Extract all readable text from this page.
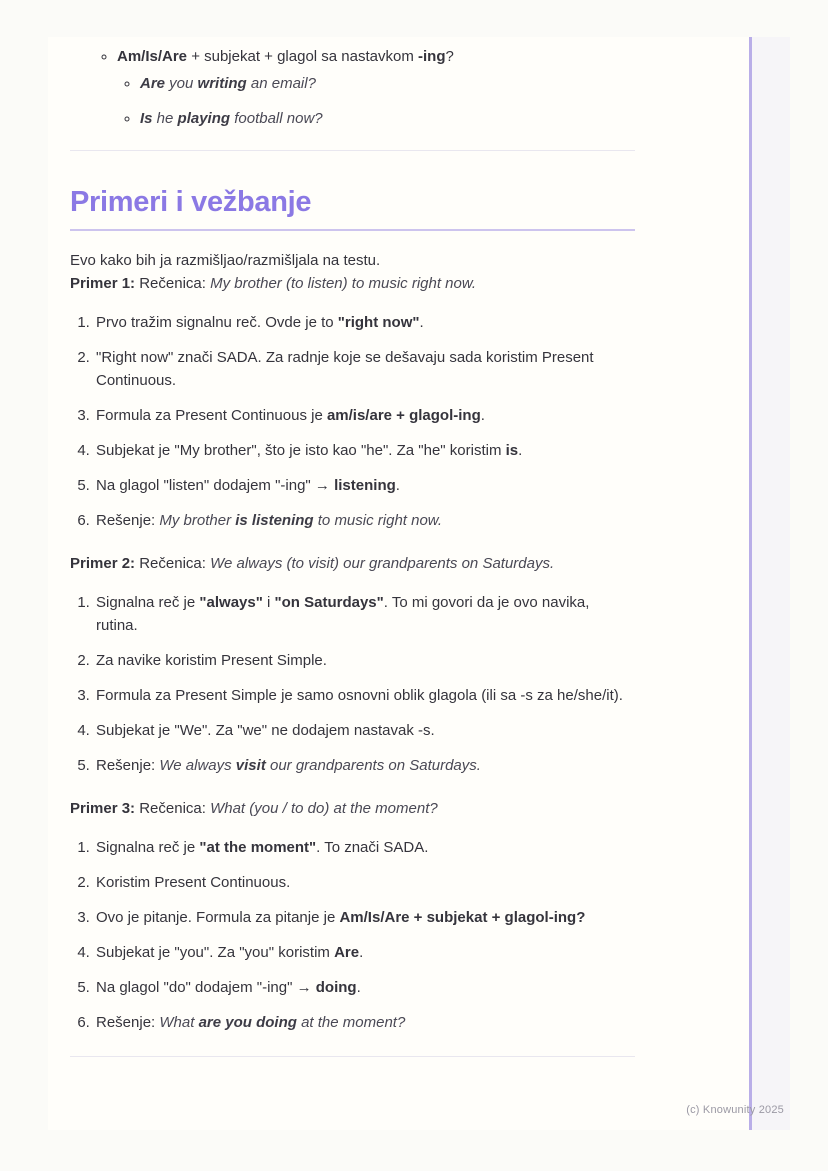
◦ Am/Is/Are + subjekat + glagol sa nastavkom -ing?
◦ Are you writing an email?
◦ Is he playing football now?
Primeri i vežbanje

Evo kako bih ja razmišljao/razmišljala na testu.

Primer 1: Rečenica: My brother (to listen) to music right now.

1. Prvo tražim signalnu reč. Ovde je to "right now".
2. "Right now" znači SADA. Za radnje koje se dešavaju sada koristim Present Continuous.
3. Formula za Present Continuous je am/is/are + glagol-ing.
4. Subjekat je "My brother", što je isto kao "he". Za "he" koristim is.
5. Na glagol "listen" dodajem "-ing" → listening.
6. Rešenje: My brother is listening to music right now.

Primer 2: Rečenica: We always (to visit) our grandparents on Saturdays.

1. Signalna reč je "always" i "on Saturdays". To mi govori da je ovo navika, rutina.
2. Za navike koristim Present Simple.
3. Formula za Present Simple je samo osnovni oblik glagola (ili sa -s za he/she/it).
4. Subjekat je "We". Za "we" ne dodajem nastavak -s.
5. Rešenje: We always visit our grandparents on Saturdays.

Primer 3: Rečenica: What (you / to do) at the moment?

1. Signalna reč je "at the moment". To znači SADA.
2. Koristim Present Continuous.
3. Ovo je pitanje. Formula za pitanje je Am/Is/Are + subjekat + glagol-ing?
4. Subjekat je "you". Za "you" koristim Are.
5. Na glagol "do" dodajem "-ing" → doing.
6. Rešenje: What are you doing at the moment?
(c) Knowunity 2025
